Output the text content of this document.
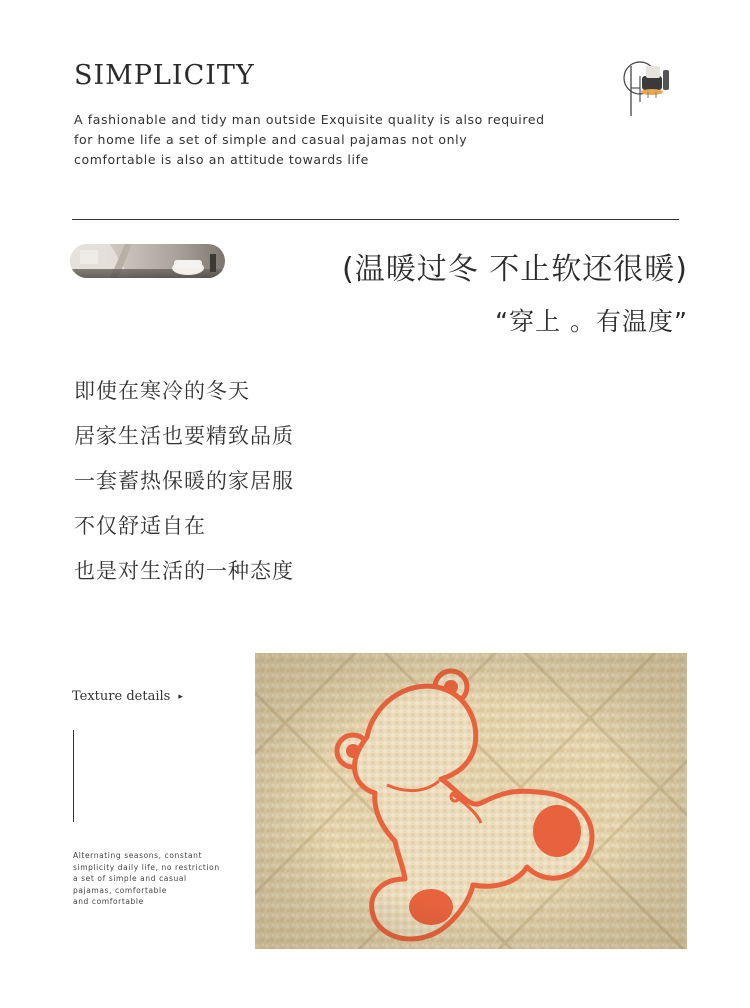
SIMPLICITY
A fashionable and tidy man outside Exquisite quality is also required
for home life a set of simple and casual pajamas not only
comfortable is also an attitude towards life
(温暖过冬 不止软还很暖)
“穿上 。有温度”
即使在寒冷的冬天
居家生活也要精致品质
一套蓄热保暖的家居服
不仅舒适自在
也是对生活的一种态度
Texture details ▸
Alternating seasons, constant
simplicity daily life, no restriction
a set of simple and casual
pajamas, comfortable
and comfortable
